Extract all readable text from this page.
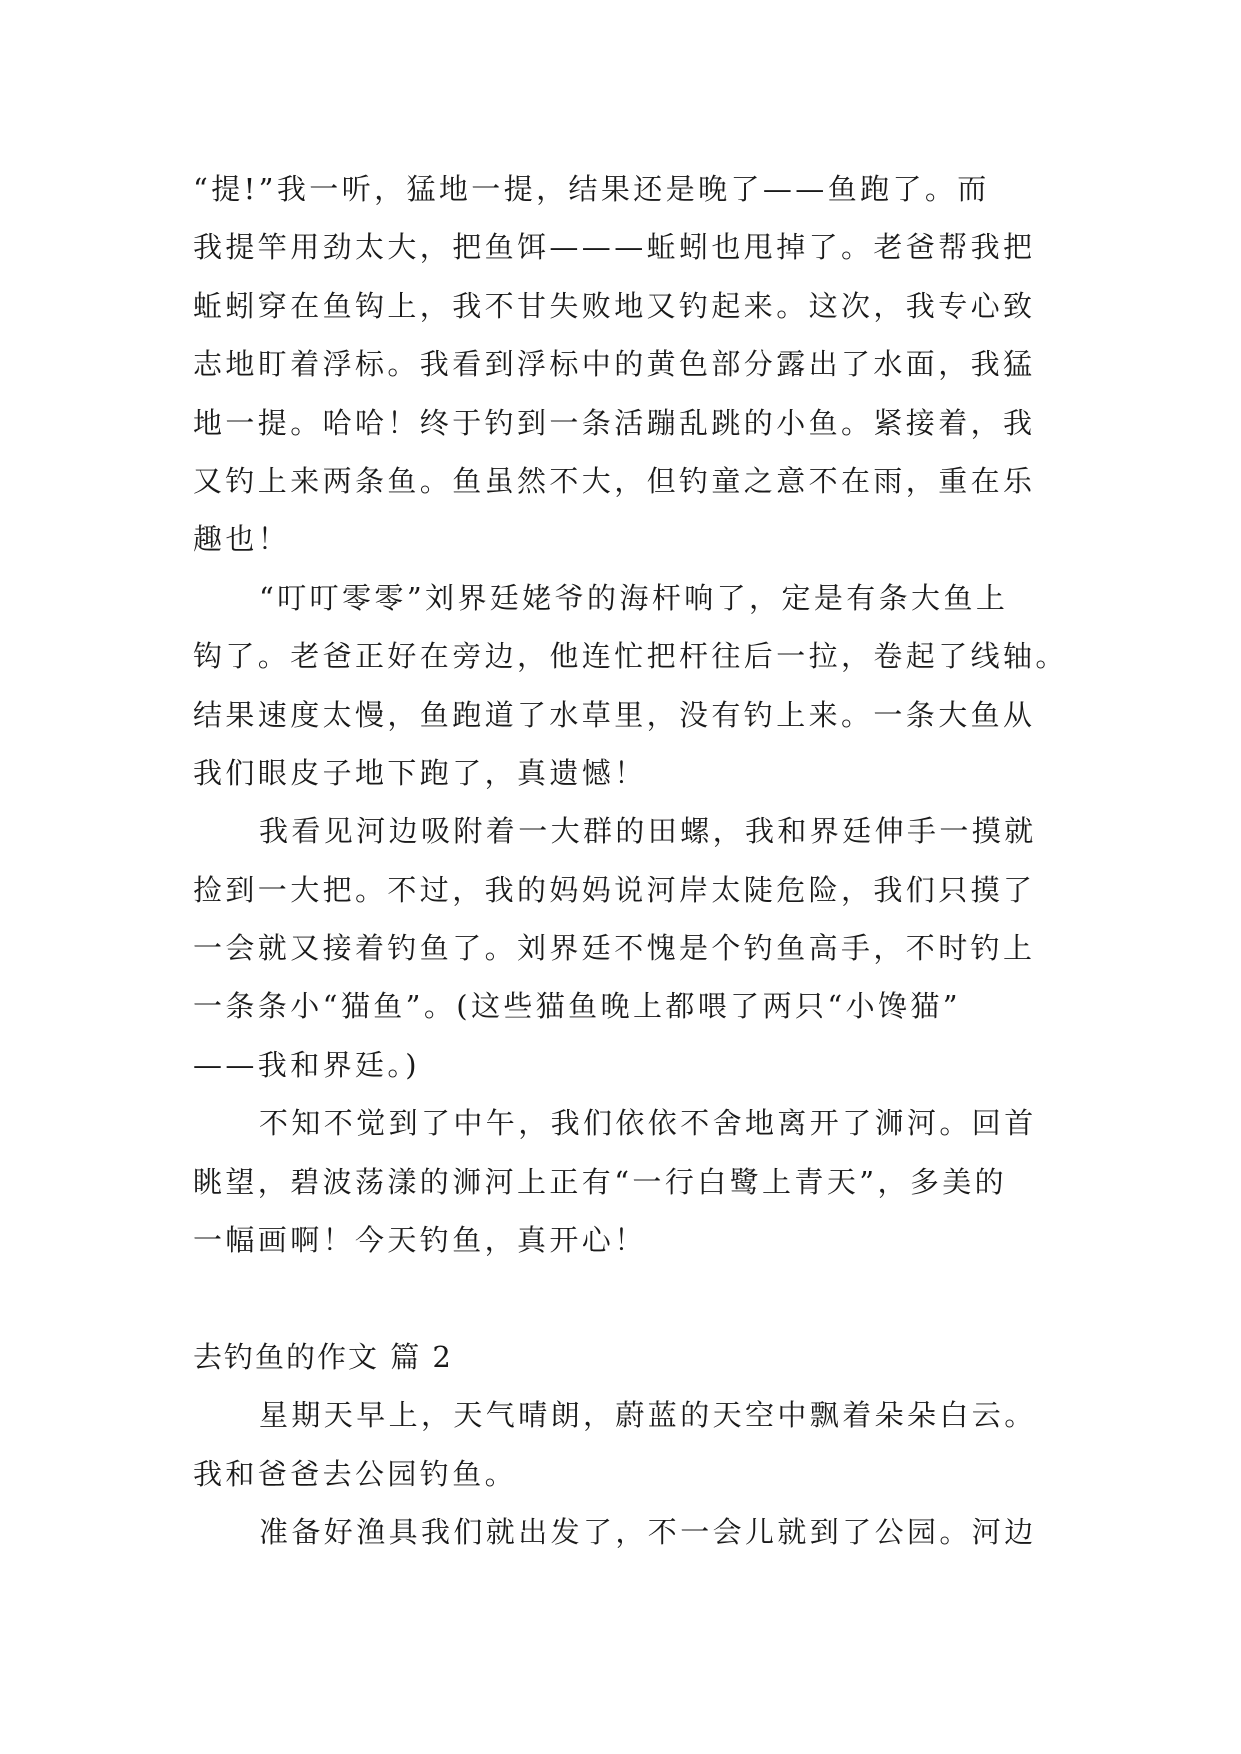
“提!”我一听，猛地一提，结果还是晚了——鱼跑了。而
我提竿用劲太大，把鱼饵———蚯蚓也甩掉了。老爸帮我把
蚯蚓穿在鱼钩上，我不甘失败地又钓起来。这次，我专心致
志地盯着浮标。我看到浮标中的黄色部分露出了水面，我猛
地一提。哈哈！终于钓到一条活蹦乱跳的小鱼。紧接着，我
又钓上来两条鱼。鱼虽然不大，但钓童之意不在雨，重在乐
趣也！
“叮叮零零”刘界廷姥爷的海杆响了，定是有条大鱼上
钩了。老爸正好在旁边，他连忙把杆往后一拉，卷起了线轴。
结果速度太慢，鱼跑道了水草里，没有钓上来。一条大鱼从
我们眼皮子地下跑了，真遗憾！
我看见河边吸附着一大群的田螺，我和界廷伸手一摸就
捡到一大把。不过，我的妈妈说河岸太陡危险，我们只摸了
一会就又接着钓鱼了。刘界廷不愧是个钓鱼高手，不时钓上
一条条小“猫鱼”。(这些猫鱼晚上都喂了两只“小馋猫”
——我和界廷。)
不知不觉到了中午，我们依依不舍地离开了浉河。回首
眺望，碧波荡漾的浉河上正有“一行白鹭上青天”，多美的
一幅画啊！今天钓鱼，真开心！
去钓鱼的作文 篇 2
星期天早上，天气晴朗，蔚蓝的天空中飘着朵朵白云。
我和爸爸去公园钓鱼。
准备好渔具我们就出发了，不一会儿就到了公园。河边
